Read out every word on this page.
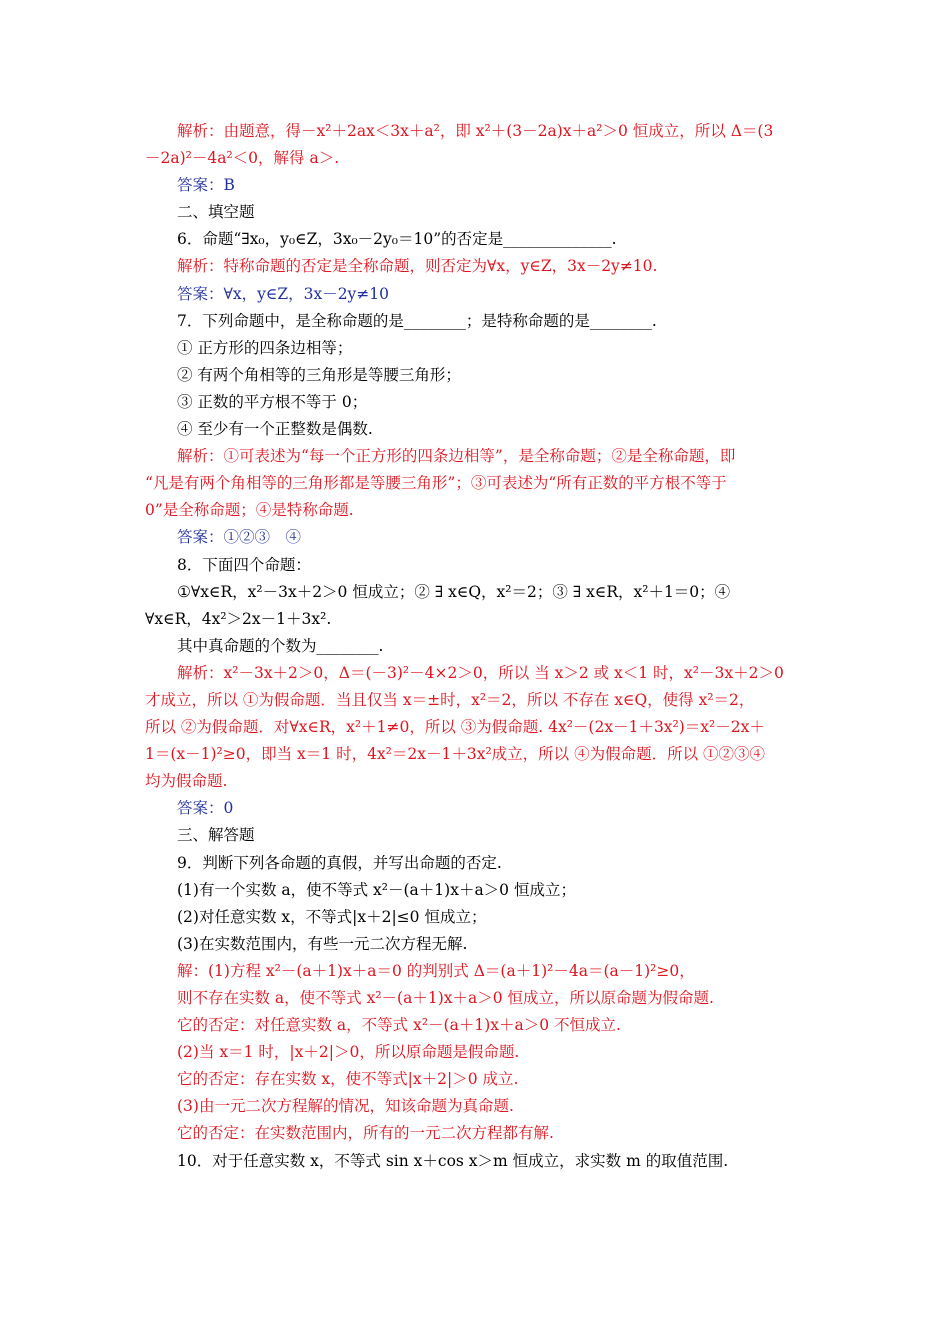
解析：由题意，得－x²＋2ax＜3x＋a²，即 x²＋(3－2a)x＋a²＞0 恒成立，所以 Δ＝(3
－2a)²－4a²＜0，解得 a＞.
答案：B
二、填空题
6．命题“∃x₀，y₀∈Z，3x₀－2y₀＝10”的否定是______________.
解析：特称命题的否定是全称命题，则否定为∀x，y∈Z，3x－2y≠10.
答案：∀x，y∈Z，3x－2y≠10
7．下列命题中，是全称命题的是________；是特称命题的是________.
① 正方形的四条边相等；
② 有两个角相等的三角形是等腰三角形；
③ 正数的平方根不等于 0；
④ 至少有一个正整数是偶数.
解析：①可表述为“每一个正方形的四条边相等”，是全称命题；②是全称命题，即
“凡是有两个角相等的三角形都是等腰三角形”；③可表述为“所有正数的平方根不等于
0”是全称命题；④是特称命题.
答案：①②③　④
8．下面四个命题：
①∀x∈R，x²－3x＋2＞0 恒成立；② ∃ x∈Q，x²＝2；③ ∃ x∈R，x²＋1＝0；④
∀x∈R，4x²＞2x－1＋3x².
其中真命题的个数为________.
解析：x²－3x＋2＞0，Δ＝(－3)²－4×2＞0，所以 当 x＞2 或 x＜1 时，x²－3x＋2＞0
才成立，所以 ①为假命题．当且仅当 x＝±时，x²＝2，所以 不存在 x∈Q，使得 x²＝2，
所以 ②为假命题．对∀x∈R，x²＋1≠0，所以 ③为假命题. 4x²－(2x－1＋3x²)＝x²－2x＋
1＝(x－1)²≥0，即当 x＝1 时，4x²＝2x－1＋3x²成立，所以 ④为假命题．所以 ①②③④
均为假命题.
答案：0
三、解答题
9．判断下列各命题的真假，并写出命题的否定.
(1)有一个实数 a，使不等式 x²－(a＋1)x＋a＞0 恒成立；
(2)对任意实数 x，不等式|x＋2|≤0 恒成立；
(3)在实数范围内，有些一元二次方程无解.
解：(1)方程 x²－(a＋1)x＋a＝0 的判别式 Δ＝(a＋1)²－4a＝(a－1)²≥0，
则不存在实数 a，使不等式 x²－(a＋1)x＋a＞0 恒成立，所以原命题为假命题.
它的否定：对任意实数 a，不等式 x²－(a＋1)x＋a＞0 不恒成立.
(2)当 x＝1 时，|x＋2|＞0，所以原命题是假命题.
它的否定：存在实数 x，使不等式|x＋2|＞0 成立.
(3)由一元二次方程解的情况，知该命题为真命题.
它的否定：在实数范围内，所有的一元二次方程都有解.
10．对于任意实数 x，不等式 sin x＋cos x＞m 恒成立，求实数 m 的取值范围.
